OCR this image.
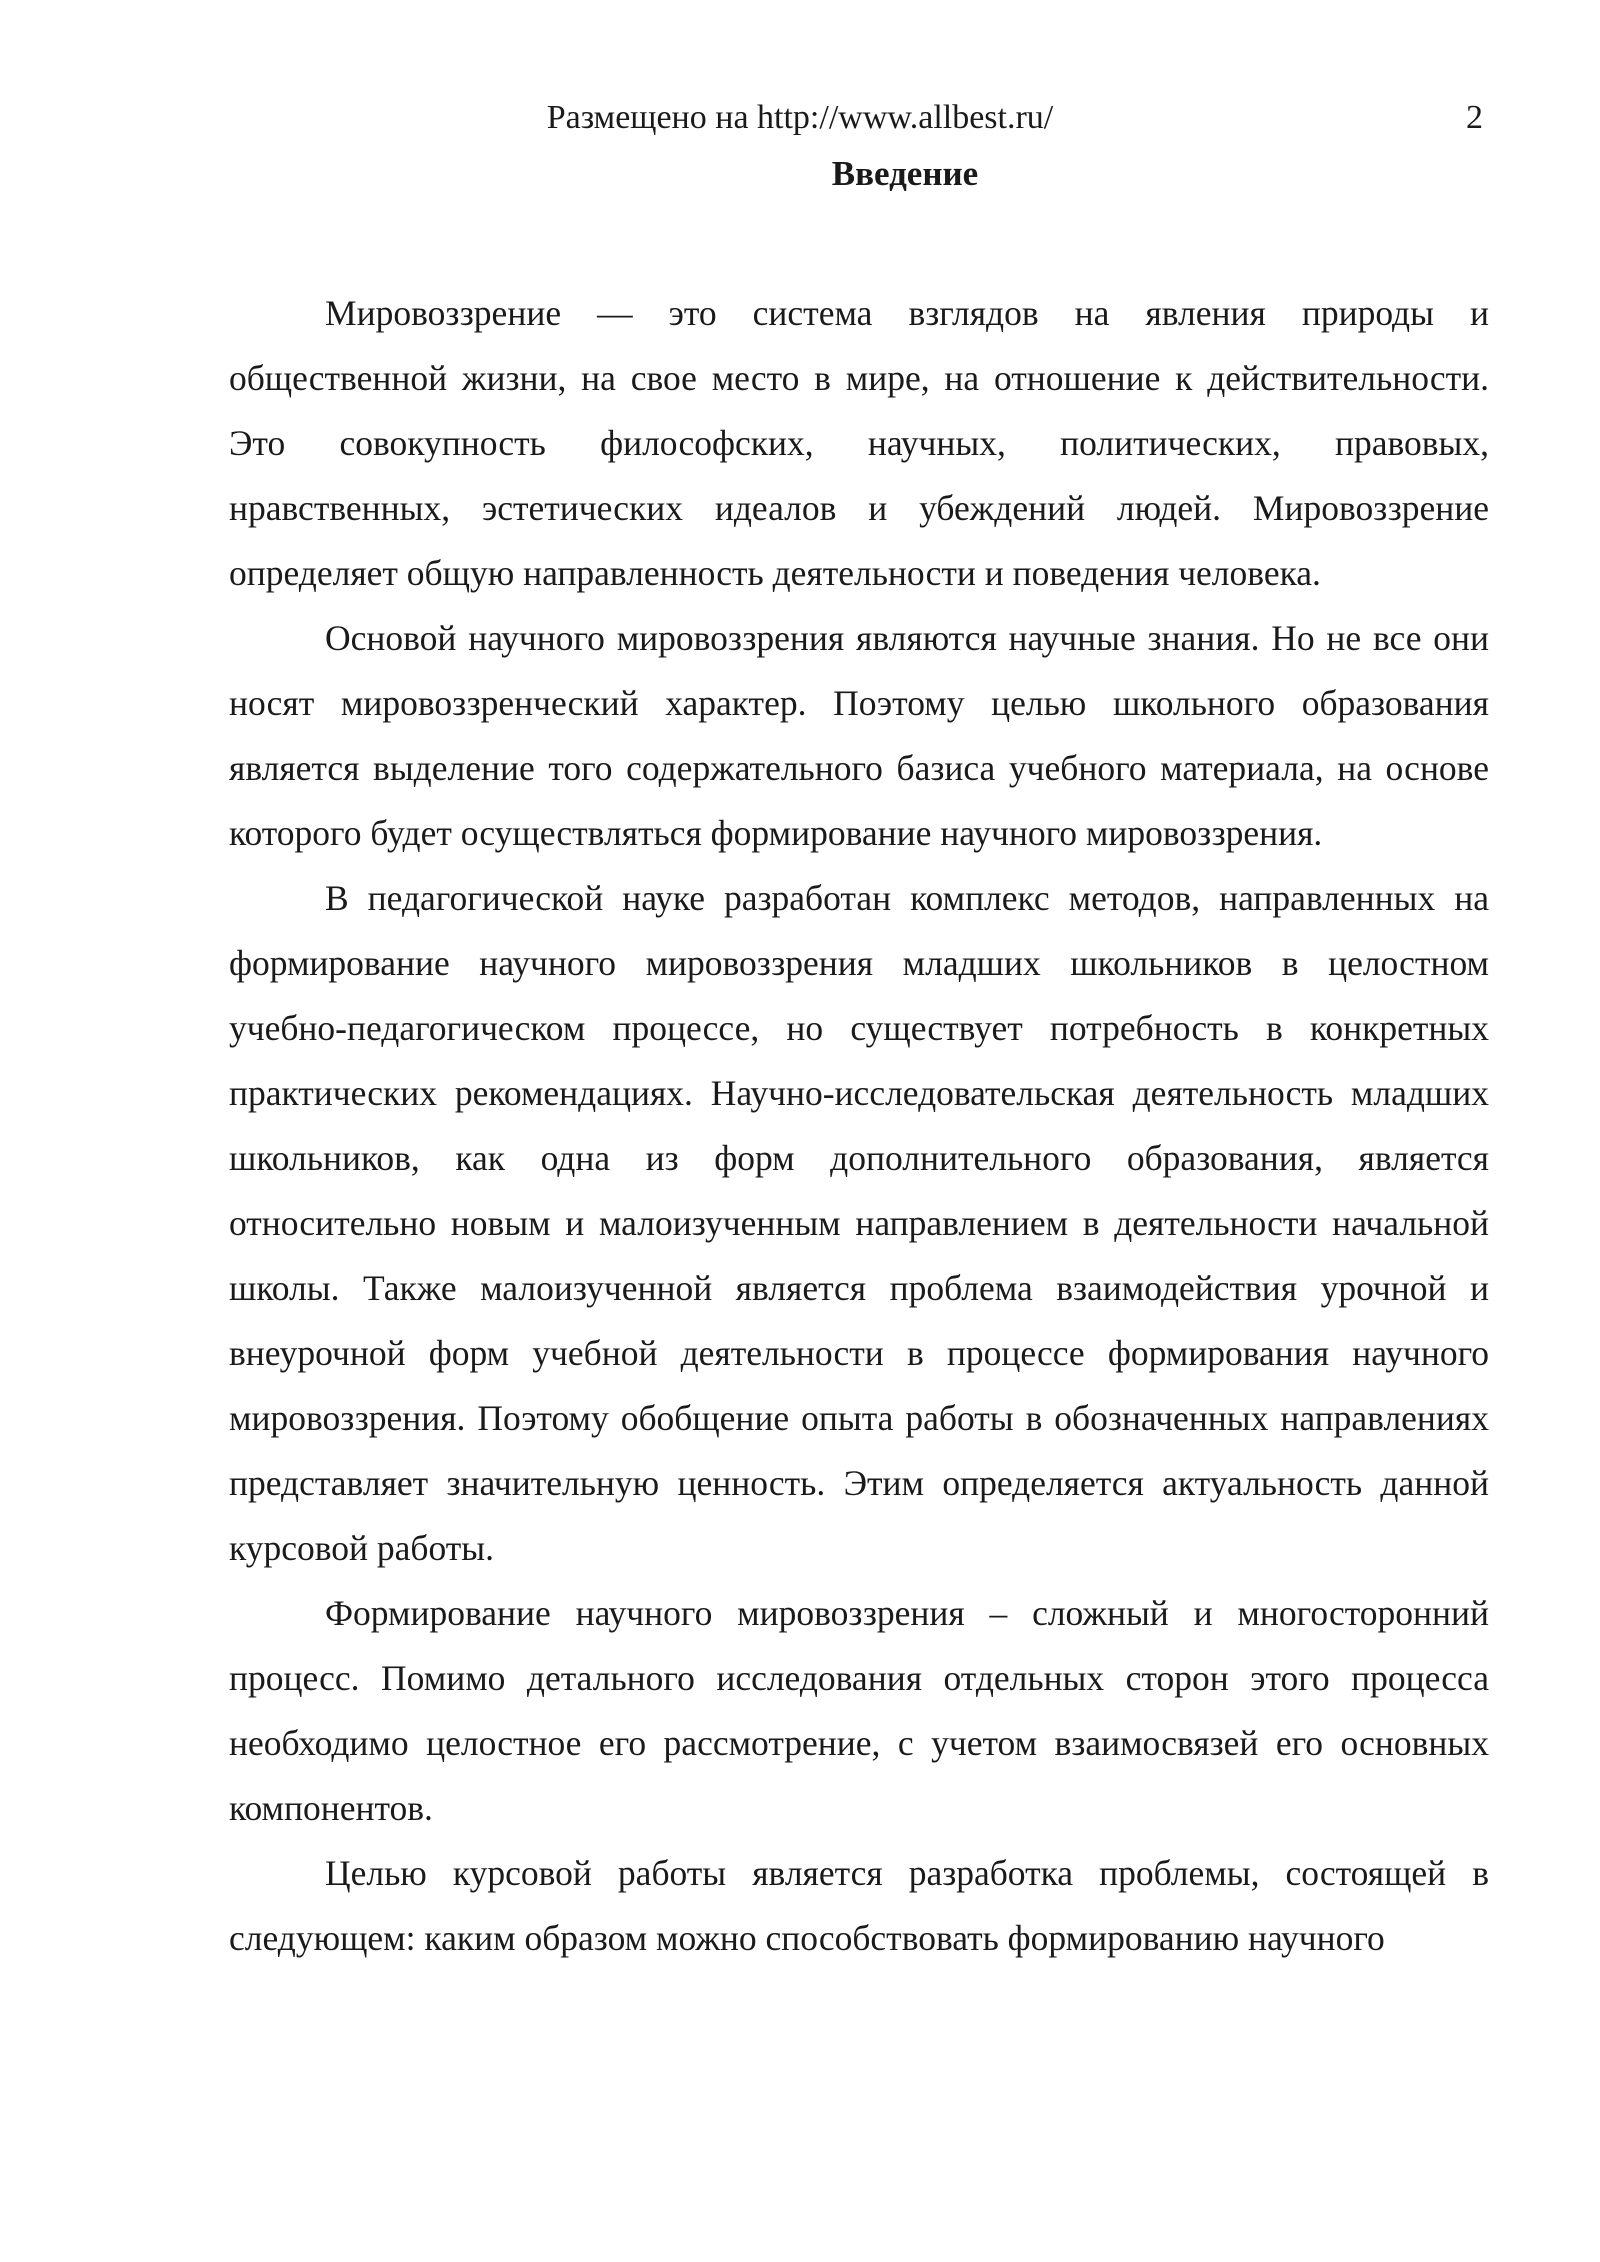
Размещено на http://www.allbest.ru/	2
Введение

Мировоззрение — это система взглядов на явления природы и общественной жизни, на свое место в мире, на отношение к действительности. Это совокупность философских, научных, политических, правовых, нравственных, эстетических идеалов и убеждений людей. Мировоззрение определяет общую направленность деятельности и поведения человека.

Основой научного мировоззрения являются научные знания. Но не все они носят мировоззренческий характер. Поэтому целью школьного образования является выделение того содержательного базиса учебного материала, на основе которого будет осуществляться формирование научного мировоззрения.

В педагогической науке разработан комплекс методов, направленных на формирование научного мировоззрения младших школьников в целостном учебно-педагогическом процессе, но существует потребность в конкретных практических рекомендациях. Научно-исследовательская деятельность младших школьников, как одна из форм дополнительного образования, является относительно новым и малоизученным направлением в деятельности начальной школы. Также малоизученной является проблема взаимодействия урочной и внеурочной форм учебной деятельности в процессе формирования научного мировоззрения. Поэтому обобщение опыта работы в обозначенных направлениях представляет значительную ценность. Этим определяется актуальность данной курсовой работы.

Формирование научного мировоззрения – сложный и многосторонний процесс. Помимо детального исследования отдельных сторон этого процесса необходимо целостное его рассмотрение, с учетом взаимосвязей его основных компонентов.

Целью курсовой работы является разработка проблемы, состоящей в следующем: каким образом можно способствовать формированию научного
